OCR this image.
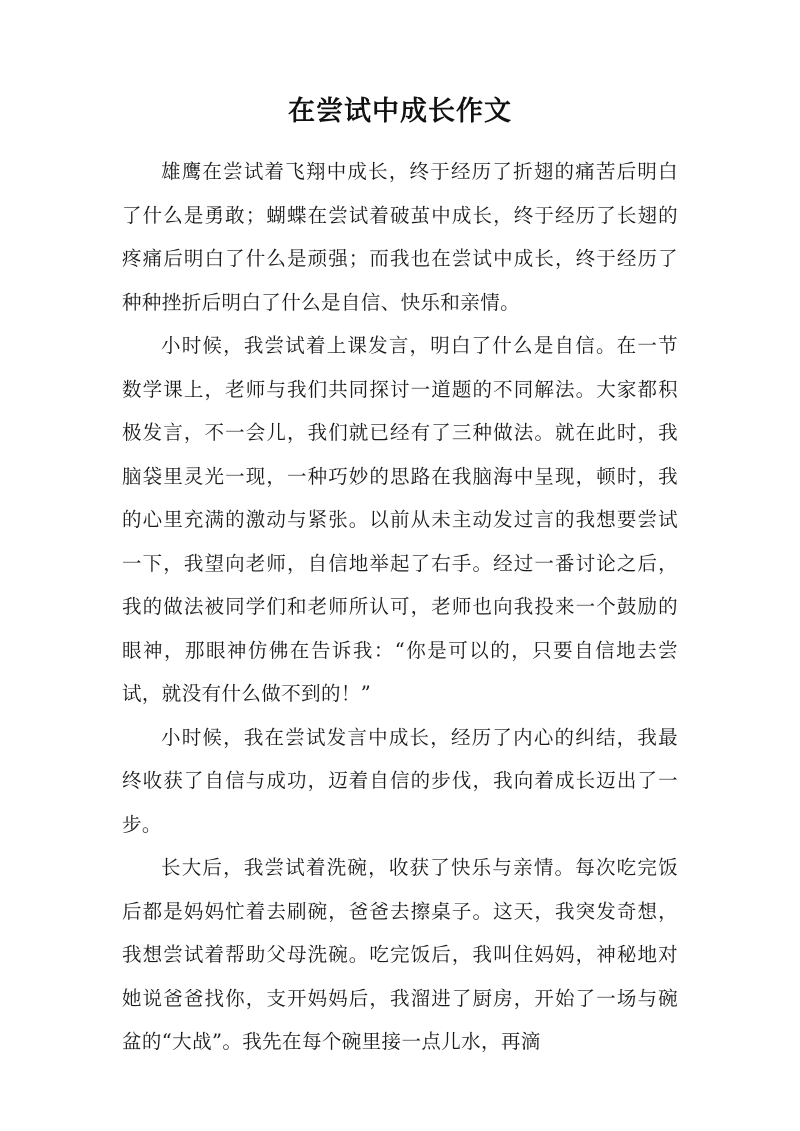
在尝试中成长作文

雄鹰在尝试着飞翔中成长，终于经历了折翅的痛苦后明白了什么是勇敢；蝴蝶在尝试着破茧中成长，终于经历了长翅的疼痛后明白了什么是顽强；而我也在尝试中成长，终于经历了种种挫折后明白了什么是自信、快乐和亲情。

小时候，我尝试着上课发言，明白了什么是自信。在一节数学课上，老师与我们共同探讨一道题的不同解法。大家都积极发言，不一会儿，我们就已经有了三种做法。就在此时，我脑袋里灵光一现，一种巧妙的思路在我脑海中呈现，顿时，我的心里充满的激动与紧张。以前从未主动发过言的我想要尝试一下，我望向老师，自信地举起了右手。经过一番讨论之后，我的做法被同学们和老师所认可，老师也向我投来一个鼓励的眼神，那眼神仿佛在告诉我：“你是可以的，只要自信地去尝试，就没有什么做不到的！”

小时候，我在尝试发言中成长，经历了内心的纠结，我最终收获了自信与成功，迈着自信的步伐，我向着成长迈出了一步。

长大后，我尝试着洗碗，收获了快乐与亲情。每次吃完饭后都是妈妈忙着去刷碗，爸爸去擦桌子。这天，我突发奇想，我想尝试着帮助父母洗碗。吃完饭后，我叫住妈妈，神秘地对她说爸爸找你，支开妈妈后，我溜进了厨房，开始了一场与碗盆的“大战”。我先在每个碗里接一点儿水，再滴
